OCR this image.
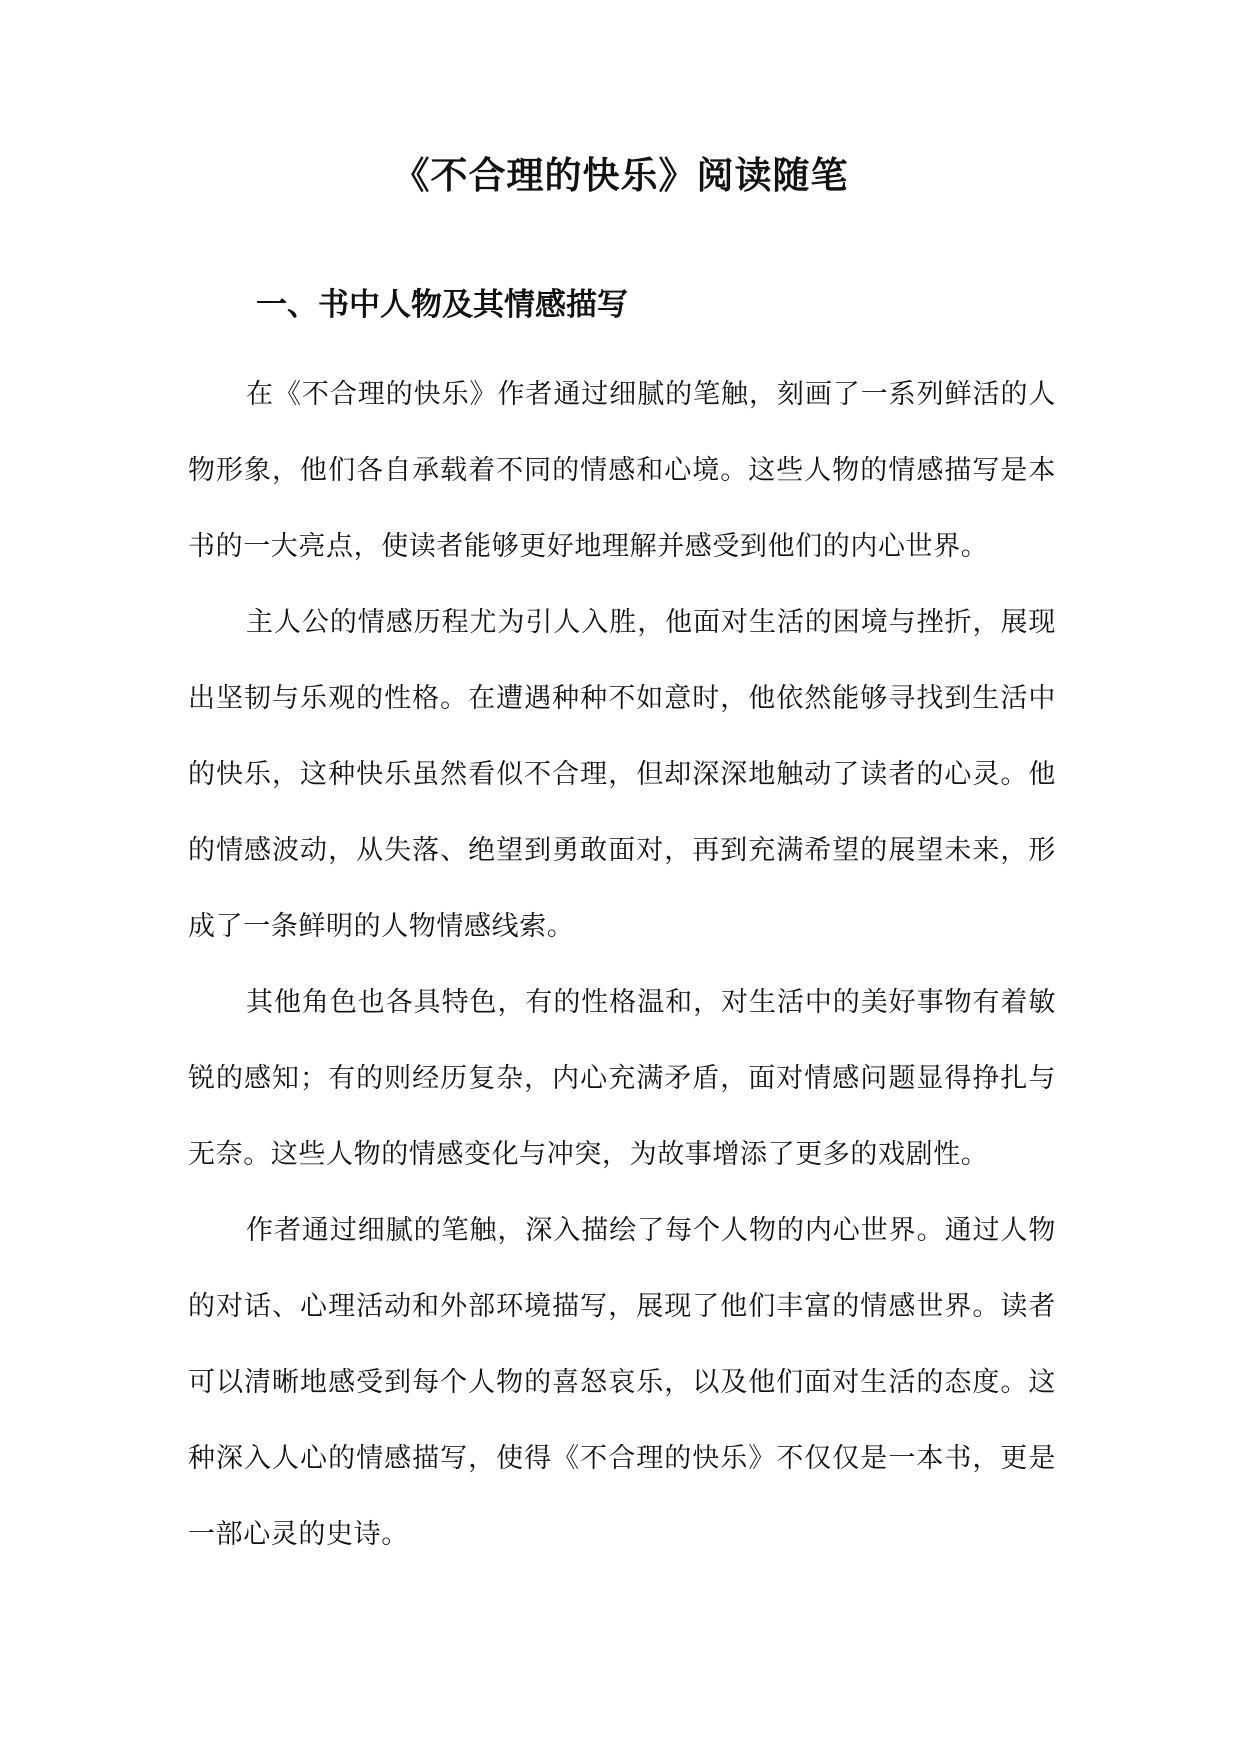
《不合理的快乐》阅读随笔
一、书中人物及其情感描写

在《不合理的快乐》作者通过细腻的笔触，刻画了一系列鲜活的人物形象，他们各自承载着不同的情感和心境。这些人物的情感描写是本书的一大亮点，使读者能够更好地理解并感受到他们的内心世界。

主人公的情感历程尤为引人入胜，他面对生活的困境与挫折，展现出坚韧与乐观的性格。在遭遇种种不如意时，他依然能够寻找到生活中的快乐，这种快乐虽然看似不合理，但却深深地触动了读者的心灵。他的情感波动，从失落、绝望到勇敢面对，再到充满希望的展望未来，形成了一条鲜明的人物情感线索。

其他角色也各具特色，有的性格温和，对生活中的美好事物有着敏锐的感知；有的则经历复杂，内心充满矛盾，面对情感问题显得挣扎与无奈。这些人物的情感变化与冲突，为故事增添了更多的戏剧性。

作者通过细腻的笔触，深入描绘了每个人物的内心世界。通过人物的对话、心理活动和外部环境描写，展现了他们丰富的情感世界。读者可以清晰地感受到每个人物的喜怒哀乐，以及他们面对生活的态度。这种深入人心的情感描写，使得《不合理的快乐》不仅仅是一本书，更是一部心灵的史诗。
